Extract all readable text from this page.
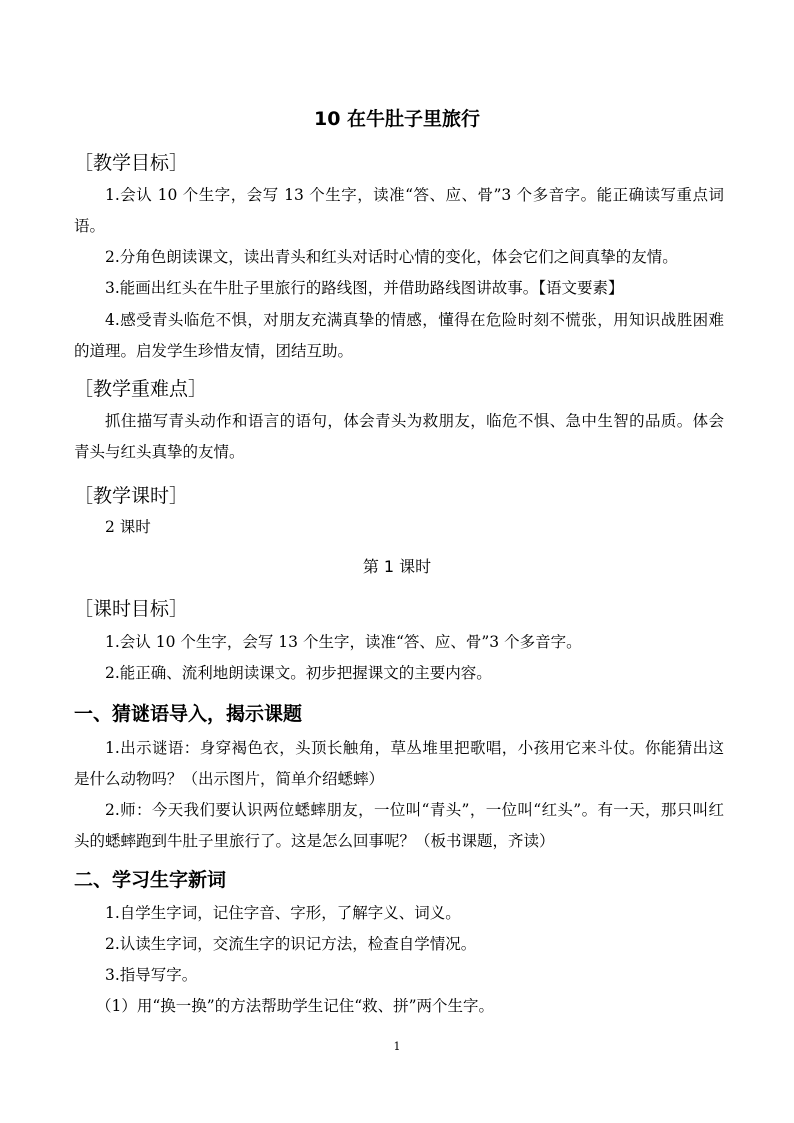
10 在牛肚子里旅行
［教学目标］
1.会认 10 个生字，会写 13 个生字，读准“答、应、骨”3 个多音字。能正确读写重点词语。
2.分角色朗读课文，读出青头和红头对话时心情的变化，体会它们之间真挚的友情。
3.能画出红头在牛肚子里旅行的路线图，并借助路线图讲故事。【语文要素】
4.感受青头临危不惧，对朋友充满真挚的情感，懂得在危险时刻不慌张，用知识战胜困难的道理。启发学生珍惜友情，团结互助。
［教学重难点］
抓住描写青头动作和语言的语句，体会青头为救朋友，临危不惧、急中生智的品质。体会青头与红头真挚的友情。
［教学课时］
2 课时
第 1 课时
［课时目标］
1.会认 10 个生字，会写 13 个生字，读准“答、应、骨”3 个多音字。
2.能正确、流利地朗读课文。初步把握课文的主要内容。
一、猜谜语导入，揭示课题
1.出示谜语：身穿褐色衣，头顶长触角，草丛堆里把歌唱，小孩用它来斗仗。你能猜出这是什么动物吗？（出示图片，简单介绍蟋蟀）
2.师：今天我们要认识两位蟋蟀朋友，一位叫“青头”，一位叫“红头”。有一天，那只叫红头的蟋蟀跑到牛肚子里旅行了。这是怎么回事呢？（板书课题，齐读）
二、学习生字新词
1.自学生字词，记住字音、字形，了解字义、词义。
2.认读生字词，交流生字的识记方法，检查自学情况。
3.指导写字。
（1）用“换一换”的方法帮助学生记住“救、拼”两个生字。
1
